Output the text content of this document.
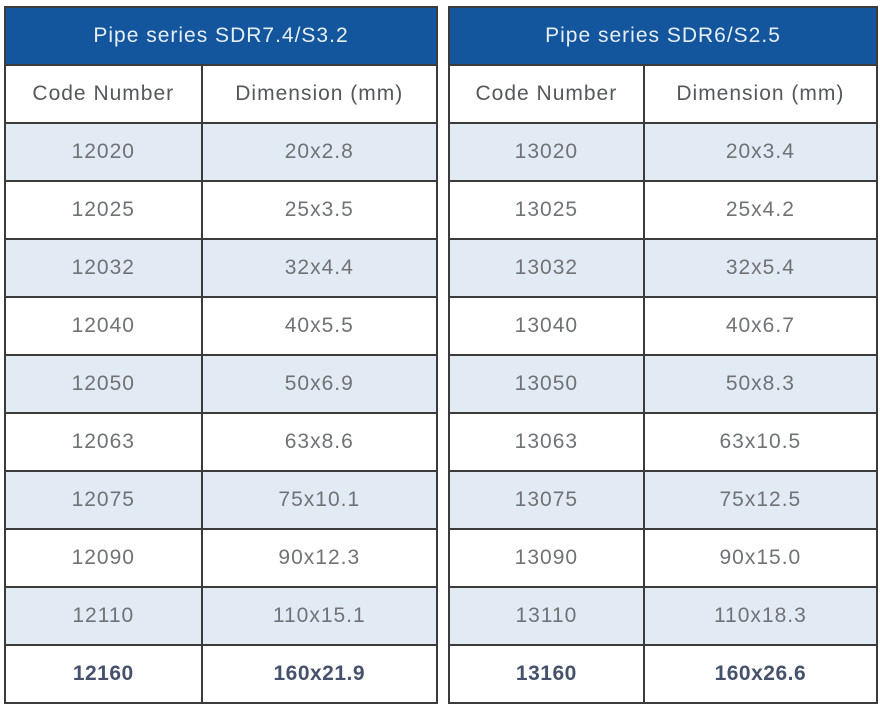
Pipe series SDR7.4/S3.2	
Code Number	Dimension (mm)
12020	20x2.8
12025	25x3.5
12032	32x4.4
12040	40x5.5
12050	50x6.9
12063	63x8.6
12075	75x10.1
12090	90x12.3
12110	110x15.1
12160	160x21.9
Pipe series SDR6/S2.5	
Code Number	Dimension (mm)
13020	20x3.4
13025	25x4.2
13032	32x5.4
13040	40x6.7
13050	50x8.3
13063	63x10.5
13075	75x12.5
13090	90x15.0
13110	110x18.3
13160	160x26.6
